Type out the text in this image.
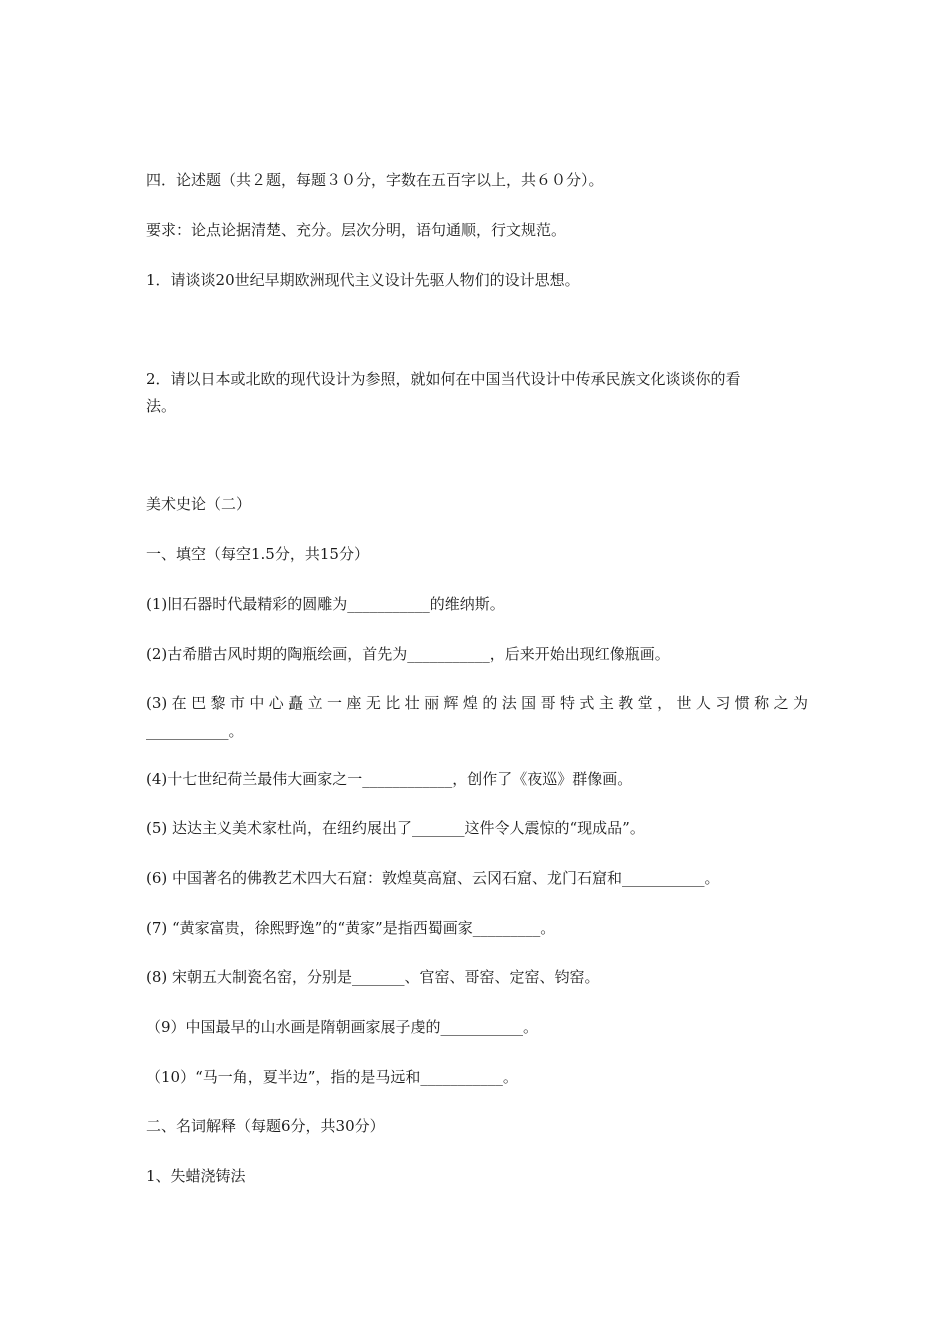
四．论述题（共２题，每题３０分，字数在五百字以上，共６０分）。
要求：论点论据清楚、充分。层次分明，语句通顺，行文规范。
1．请谈谈20世纪早期欧洲现代主义设计先驱人物们的设计思想。
2．请以日本或北欧的现代设计为参照，就如何在中国当代设计中传承民族文化谈谈你的看
法。
美术史论（二）
一、填空（每空1.5分，共15分）
(1)旧石器时代最精彩的圆雕为___________的维纳斯。
(2)古希腊古风时期的陶瓶绘画，首先为___________，后来开始出现红像瓶画。
(3)在巴黎市中心矗立一座无比壮丽辉煌的法国哥特式主教堂，世人习惯称之为
___________。
(4)十七世纪荷兰最伟大画家之一____________，创作了《夜巡》群像画。
(5) 达达主义美术家杜尚，在纽约展出了_______这件令人震惊的“现成品”。
(6) 中国著名的佛教艺术四大石窟：敦煌莫高窟、云冈石窟、龙门石窟和___________。
(7) “黄家富贵，徐熙野逸”的“黄家”是指西蜀画家_________。
(8) 宋朝五大制瓷名窑，分别是_______、官窑、哥窑、定窑、钧窑。
（9）中国最早的山水画是隋朝画家展子虔的___________。
（10）“马一角，夏半边”，指的是马远和___________。
二、名词解释（每题6分，共30分）
1、失蜡浇铸法
